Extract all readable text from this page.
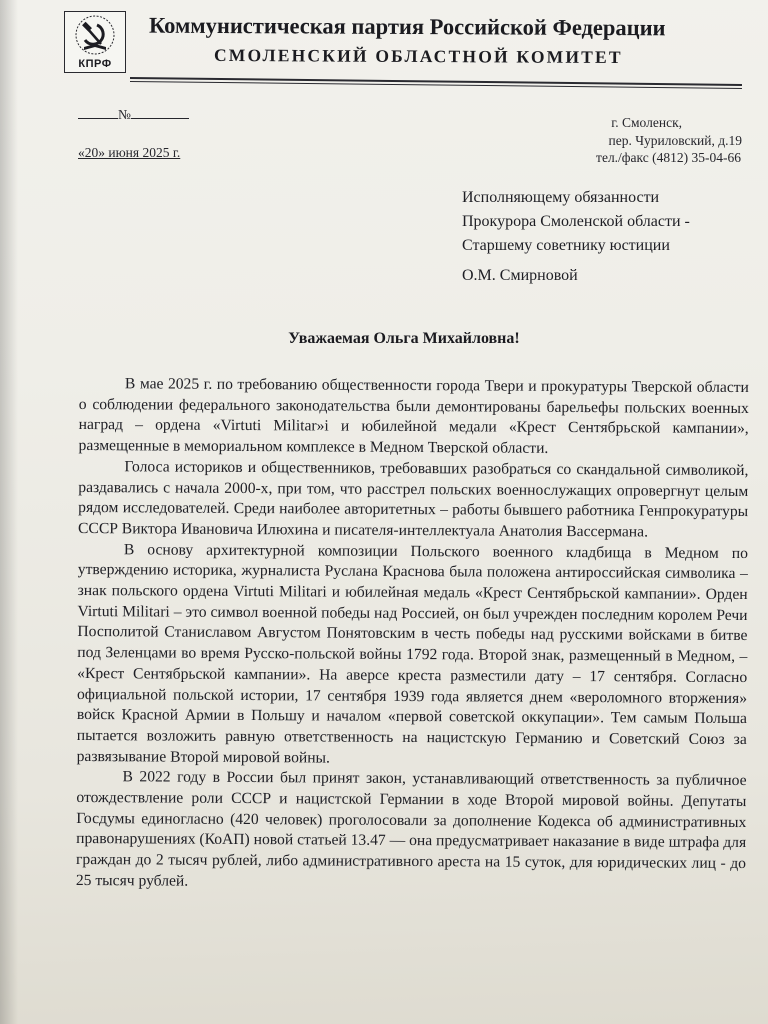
КПРФ
Коммунистическая партия Российской Федерации
СМОЛЕНСКИЙ ОБЛАСТНОЙ КОМИТЕТ
№
«20» июня 2025 г.
г. Смоленск,
пер. Чуриловский, д.19
тел./факс (4812) 35-04-66
Исполняющему обязанности
Прокурора Смоленской области -
Старшему советнику юстиции
О.М. Смирновой
Уважаемая Ольга Михайловна!

В мае 2025 г. по требованию общественности города Твери и прокуратуры Тверской области о соблюдении федерального законодательства были демонтированы барельефы польских военных наград – ордена «Virtuti Militar»i и юбилейной медали «Крест Сентябрьской кампании», размещенные в мемориальном комплексе в Медном Тверской области.

Голоса историков и общественников, требовавших разобраться со скандальной символикой, раздавались с начала 2000-х, при том, что расстрел польских военнослужащих опровергнут целым рядом исследователей. Среди наиболее авторитетных – работы бывшего работника Генпрокуратуры СССР Виктора Ивановича Илюхина и писателя-интеллектуала Анатолия Вассермана.

В основу архитектурной композиции Польского военного кладбища в Медном по утверждению историка, журналиста Руслана Краснова была положена антироссийская символика –знак польского ордена Virtuti Militari и юбилейная медаль «Крест Сентябрьской кампании». Орден Virtuti Militari – это символ военной победы над Россией, он был учрежден последним королем Речи Посполитой Станиславом Августом Понятовским в честь победы над русскими войсками в битве под Зеленцами во время Русско-польской войны 1792 года. Второй знак, размещенный в Медном, – «Крест Сентябрьской кампании». На аверсе креста разместили дату – 17 сентября. Согласно официальной польской истории, 17 сентября 1939 года является днем «вероломного вторжения» войск Красной Армии в Польшу и началом «первой советской оккупации». Тем самым Польша пытается возложить равную ответственность на нацистскую Германию и Советский Союз за развязывание Второй мировой войны.

В 2022 году в России был принят закон, устанавливающий ответственность за публичное отождествление роли СССР и нацистской Германии в ходе Второй мировой войны. Депутаты Госдумы единогласно (420 человек) проголосовали за дополнение Кодекса об административных правонарушениях (КоАП) новой статьей 13.47 — она предусматривает наказание в виде штрафа для граждан до 2 тысяч рублей, либо административного ареста на 15 суток, для юридических лиц - до 25 тысяч рублей.
